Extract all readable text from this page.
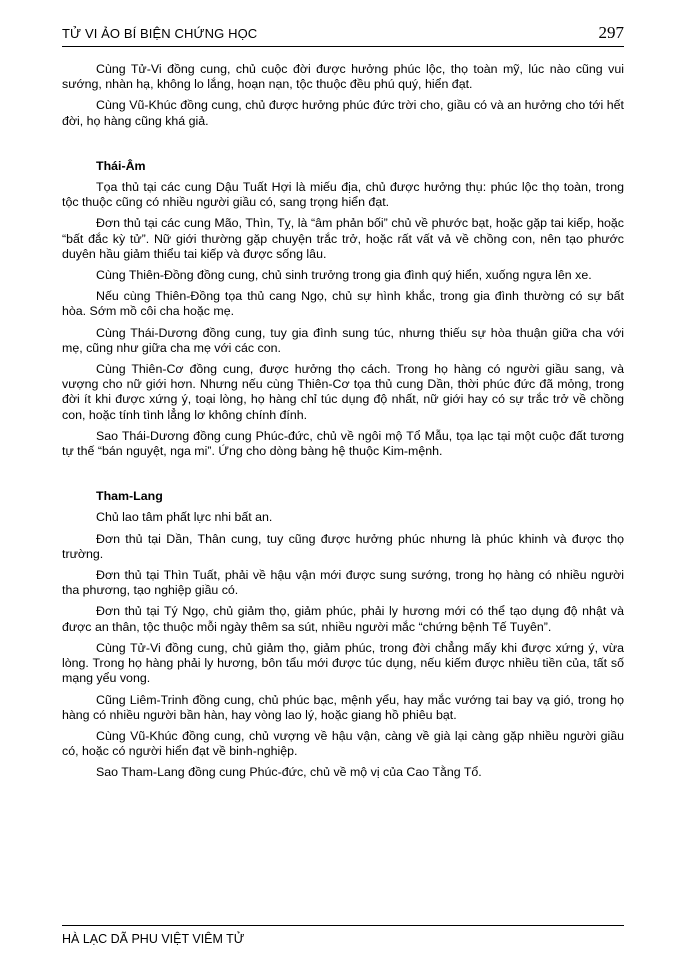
TỬ VI ẢO BÍ BIỆN CHỨNG HỌC	297

Cùng Tử-Vi đồng cung, chủ cuộc đời được hưởng phúc lộc, thọ toàn mỹ, lúc nào cũng vui sướng, nhàn hạ, không lo lắng, hoạn nạn, tộc thuộc đều phú quý, hiển đạt.

Cùng Vũ-Khúc đồng cung, chủ được hưởng phúc đức trời cho, giầu có và an hưởng cho tới hết đời, họ hàng cũng khá giả.

Thái-Âm

Tọa thủ tại các cung Dậu Tuất Hợi là miếu địa, chủ được hưởng thụ: phúc lộc thọ toàn, trong tộc thuộc cũng có nhiều người giầu có, sang trọng hiển đạt.

Đơn thủ tại các cung Mão, Thìn, Tỵ, là “âm phản bối” chủ về phước bạt, hoặc gặp tai kiếp, hoặc “bất đắc kỳ tử”. Nữ giới thường gặp chuyện trắc trở, hoặc rất vất vả về chồng con, nên tạo phước duyên hầu giảm thiểu tai kiếp và được sống lâu.

Cùng Thiên-Đồng đồng cung, chủ sinh trưởng trong gia đình quý hiển, xuống ngựa lên xe.

Nếu cùng Thiên-Đồng tọa thủ cang Ngọ, chủ sự hình khắc, trong gia đình thường có sự bất hòa. Sớm mồ côi cha hoặc mẹ.

Cùng Thái-Dương đồng cung, tuy gia đình sung túc, nhưng thiếu sự hòa thuận giữa cha với mẹ, cũng như giữa cha mẹ với các con.

Cùng Thiên-Cơ đồng cung, được hưởng thọ cách. Trong họ hàng có người giầu sang, và vượng cho nữ giới hơn. Nhưng nếu cùng Thiên-Cơ tọa thủ cung Dần, thời phúc đức đã mỏng, trong đời ít khi được xứng ý, toại lòng, họ hàng chỉ túc dụng độ nhất, nữ giới hay có sự trắc trở về chồng con, hoặc tính tình lẳng lơ không chính đính.

Sao Thái-Dương đồng cung Phúc-đức, chủ về ngôi mộ Tổ Mẫu, tọa lạc tại một cuộc đất tương tự thế “bán nguyệt, nga mi”. Ứng cho dòng bàng hệ thuộc Kim-mệnh.

Tham-Lang

Chủ lao tâm phất lực nhi bất an.

Đơn thủ tại Dần, Thân cung, tuy cũng được hưởng phúc nhưng là phúc khinh và được thọ trường.

Đơn thủ tại Thìn Tuất, phải về hậu vận mới được sung sướng, trong họ hàng có nhiều người tha phương, tạo nghiệp giầu có.

Đơn thủ tại Tý Ngọ, chủ giảm thọ, giảm phúc, phải ly hương mới có thể tạo dụng độ nhật và được an thân, tộc thuộc mỗi ngày thêm sa sút, nhiều người mắc “chứng bệnh Tế Tuyên”.

Cùng Tử-Vi đồng cung, chủ giảm thọ, giảm phúc, trong đời chẳng mấy khi được xứng ý, vừa lòng. Trong họ hàng phải ly hương, bôn tẩu mới được túc dụng, nếu kiếm được nhiều tiền của, tất số mạng yểu vong.

Cũng Liêm-Trinh đồng cung, chủ phúc bạc, mệnh yểu, hay mắc vướng tai bay vạ gió, trong họ hàng có nhiều người bần hàn, hay vòng lao lý, hoặc giang hồ phiêu bạt.

Cùng Vũ-Khúc đồng cung, chủ vượng về hậu vận, càng về già lại càng gặp nhiều người giầu có, hoặc có người hiển đạt về binh-nghiệp.

Sao Tham-Lang đồng cung Phúc-đức, chủ về mộ vị của Cao Tằng Tổ.

HÀ LẠC DÃ PHU VIỆT VIÊM TỬ
